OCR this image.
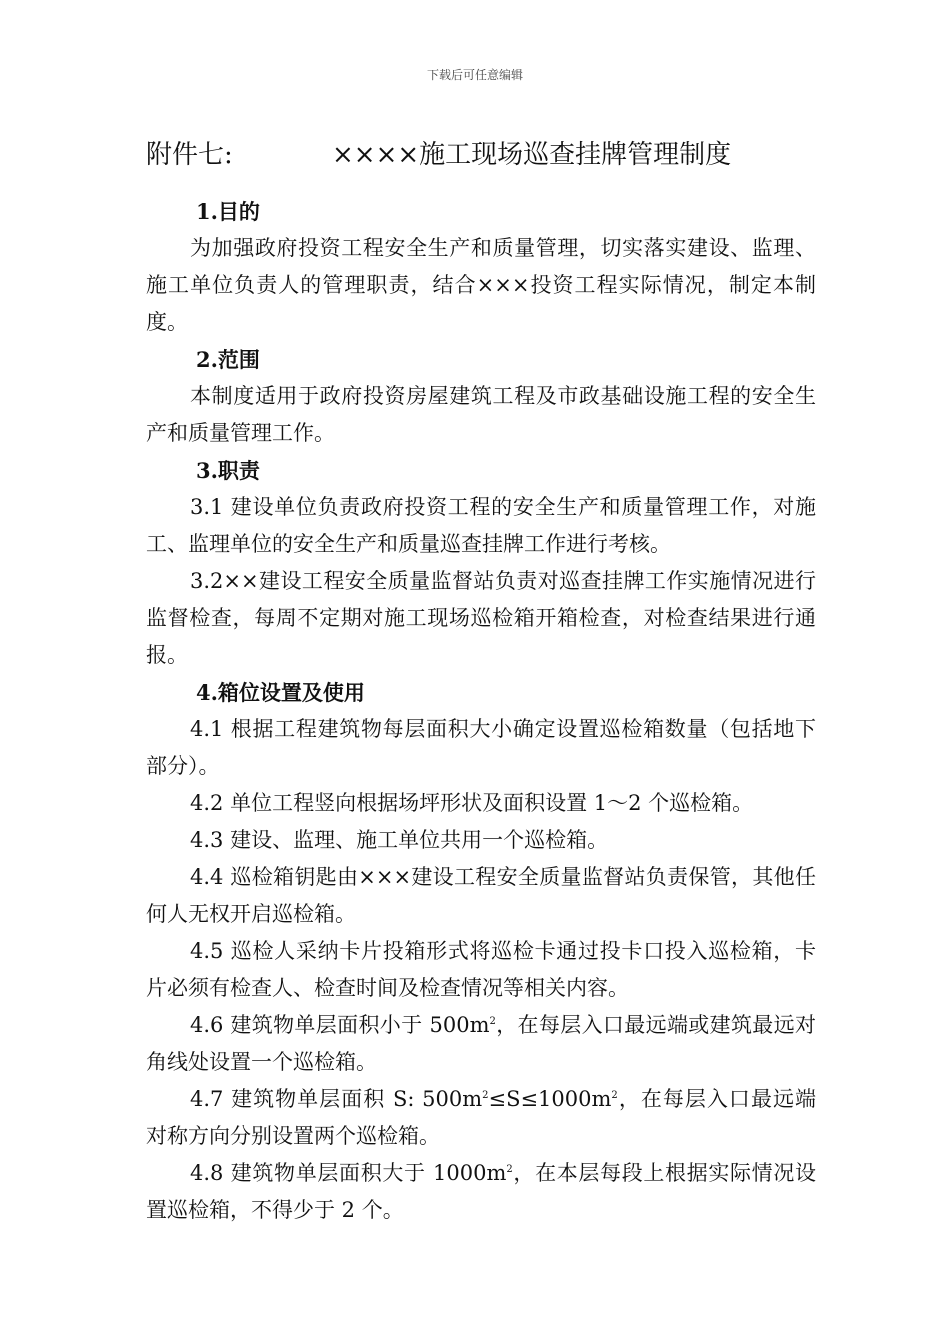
下载后可任意编辑
附件七:	××××施工现场巡查挂牌管理制度
1.目的

为加强政府投资工程安全生产和质量管理，切实落实建设、监理、施工单位负责人的管理职责，结合×××投资工程实际情况，制定本制度。

2.范围

本制度适用于政府投资房屋建筑工程及市政基础设施工程的安全生产和质量管理工作。

3.职责

3.1 建设单位负责政府投资工程的安全生产和质量管理工作，对施工、监理单位的安全生产和质量巡查挂牌工作进行考核。

3.2××建设工程安全质量监督站负责对巡查挂牌工作实施情况进行监督检查，每周不定期对施工现场巡检箱开箱检查，对检查结果进行通报。

4.箱位设置及使用

4.1 根据工程建筑物每层面积大小确定设置巡检箱数量（包括地下部分）。

4.2 单位工程竖向根据场坪形状及面积设置 1～2 个巡检箱。

4.3 建设、监理、施工单位共用一个巡检箱。

4.4 巡检箱钥匙由×××建设工程安全质量监督站负责保管，其他任何人无权开启巡检箱。

4.5 巡检人采纳卡片投箱形式将巡检卡通过投卡口投入巡检箱，卡片必须有检查人、检查时间及检查情况等相关内容。

4.6 建筑物单层面积小于 $500m^2$，在每层入口最远端或建筑最远对角线处设置一个巡检箱。

4.7 建筑物单层面积 S: $500m^2\le S\le 1000m^2$，在每层入口最远端对称方向分别设置两个巡检箱。

4.8 建筑物单层面积大于 $1000m^2$，在本层每段上根据实际情况设置巡检箱，不得少于 2 个。
